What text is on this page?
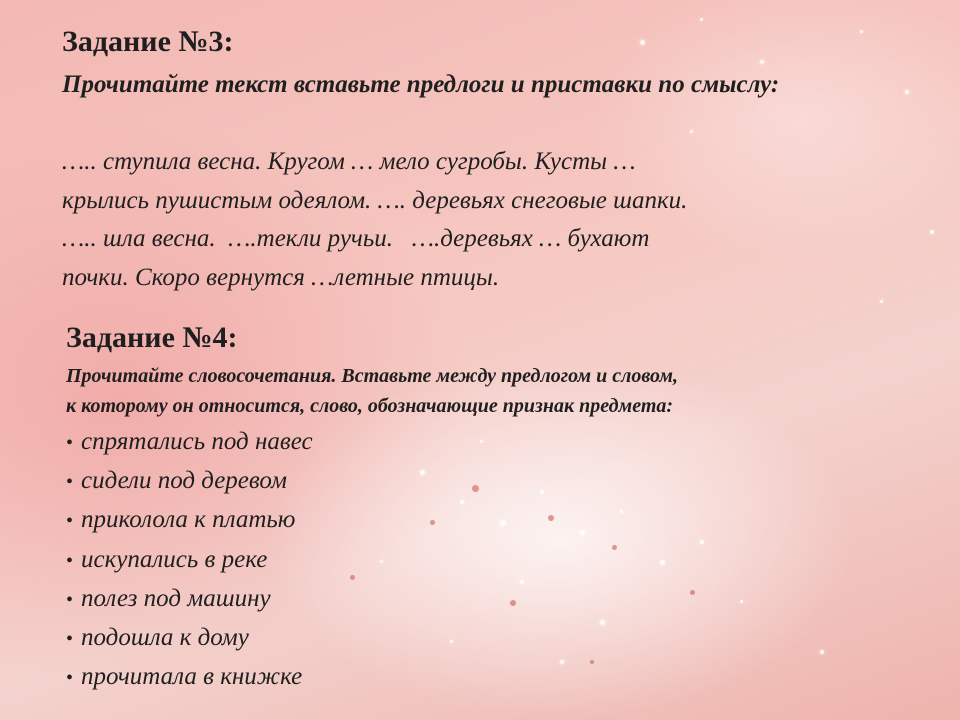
Задание №3:
Прочитайте текст вставьте предлоги и приставки по смыслу:
….. ступила весна. Кругом … мело сугробы. Кусты …
крылись пушистым одеялом. …. деревьях снеговые шапки.
….. шла весна.  ….текли ручьи.   ….деревьях … бухают
почки. Скоро вернутся …летные птицы.
Задание №4:
Прочитайте словосочетания. Вставьте между предлогом и словом,
к которому он относится, слово, обозначающие признак предмета:
• спрятались под навес
• сидели под деревом
• приколола к платью
• искупались в реке
• полез под машину
• подошла к дому
• прочитала в книжке
